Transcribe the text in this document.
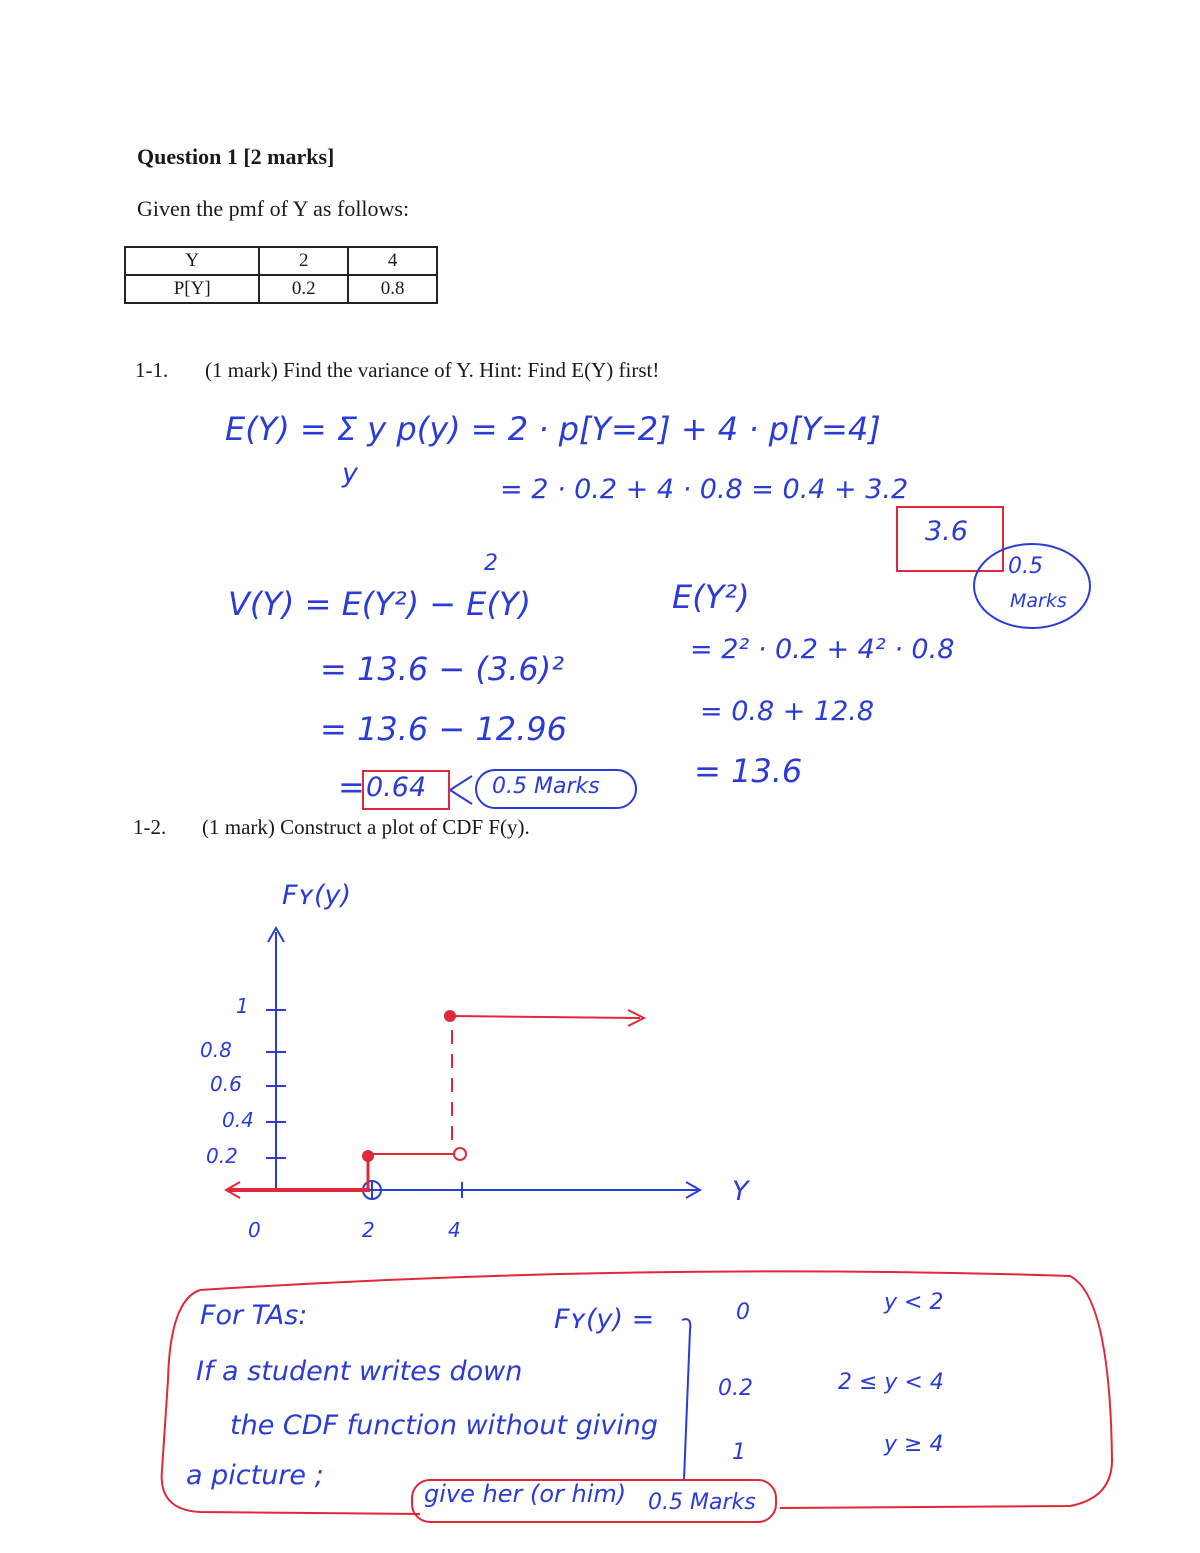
Question 1 [2 marks]
Given the pmf of Y as follows:
Y	2	4
P[Y]	0.2	0.8
1-1. (1 mark) Find the variance of Y. Hint: Find E(Y) first!
1-2. (1 mark) Construct a plot of CDF F(y).
E(Y) = Σ y p(y) = 2 · p[Y=2] + 4 · p[Y=4]
y
= 2 · 0.2 + 4 · 0.8 = 0.4 + 3.2
3.6
0.5
Marks
2
V(Y) = E(Y²) − E(Y)
= 13.6 − (3.6)²
= 13.6 − 12.96
= 0.64	0.5 Marks
E(Y²)
= 2² · 0.2 + 4² · 0.8
= 0.8 + 12.8
= 13.6
Fʏ(y)
Y
0	2	4
1
0.8
0.6
0.4
0.2
For TAs:
If a student writes down
the CDF function without giving
a picture ;
give her (or him) 0.5 Marks
Fʏ(y) =	0
0.2
1
y < 2
2 ≤ y < 4
y ≥ 4
